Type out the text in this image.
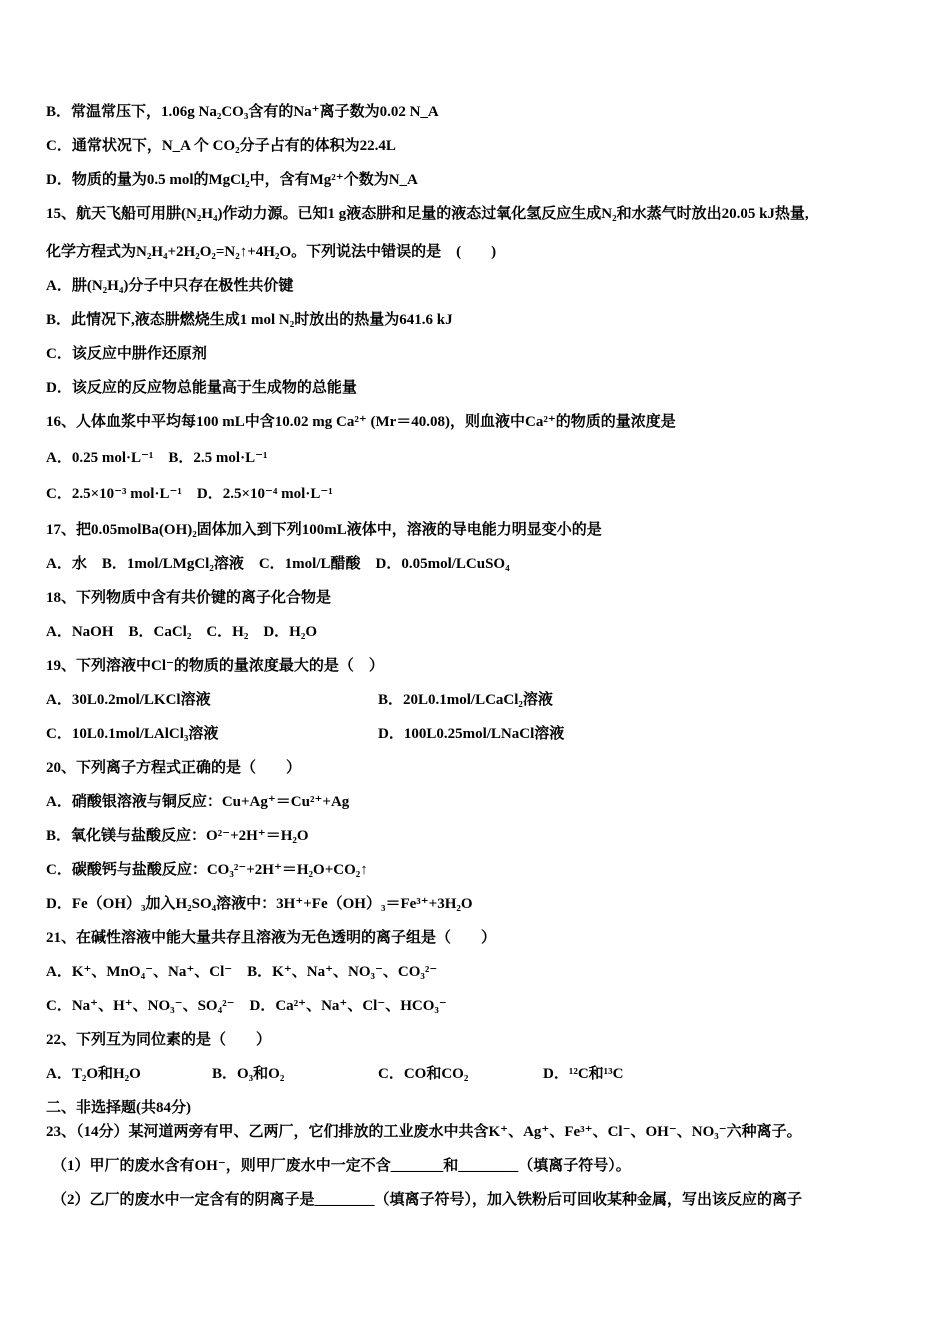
B．常温常压下，1.06g Na₂CO₃含有的Na⁺离子数为0.02 N_A
C．通常状况下，N_A 个 CO₂分子占有的体积为22.4L
D．物质的量为0.5 mol的MgCl₂中，含有Mg²⁺个数为N_A
15、航天飞船可用肼(N₂H₄)作动力源。已知1 g液态肼和足量的液态过氧化氢反应生成N₂和水蒸气时放出20.05 kJ热量,
化学方程式为N₂H₄+2H₂O₂=N₂↑+4H₂O。下列说法中错误的是　(　　)
A．肼(N₂H₄)分子中只存在极性共价键
B．此情况下,液态肼燃烧生成1 mol N₂时放出的热量为641.6 kJ
C．该反应中肼作还原剂
D．该反应的反应物总能量高于生成物的总能量
16、人体血浆中平均每100 mL中含10.02 mg Ca²⁺ (Mr＝40.08)，则血液中Ca²⁺的物质的量浓度是
A．0.25 mol·L⁻¹　B．2.5 mol·L⁻¹
C．2.5×10⁻³ mol·L⁻¹　D．2.5×10⁻⁴ mol·L⁻¹
17、把0.05molBa(OH)₂固体加入到下列100mL液体中，溶液的导电能力明显变小的是
A．水　B．1mol/LMgCl₂溶液　C．1mol/L醋酸　D．0.05mol/LCuSO₄
18、下列物质中含有共价键的离子化合物是
A．NaOH　B．CaCl₂　C．H₂　D．H₂O
19、下列溶液中Cl⁻的物质的量浓度最大的是（　）
A．30L0.2mol/LKCl溶液	B．20L0.1mol/LCaCl₂溶液
C．10L0.1mol/LAlCl₃溶液	D．100L0.25mol/LNaCl溶液
20、下列离子方程式正确的是（　　）
A．硝酸银溶液与铜反应：Cu+Ag⁺＝Cu²⁺+Ag
B．氧化镁与盐酸反应：O²⁻+2H⁺＝H₂O
C．碳酸钙与盐酸反应：CO₃²⁻+2H⁺＝H₂O+CO₂↑
D．Fe（OH）₃加入H₂SO₄溶液中：3H⁺+Fe（OH）₃＝Fe³⁺+3H₂O
21、在碱性溶液中能大量共存且溶液为无色透明的离子组是（　　）
A．K⁺、MnO₄⁻、Na⁺、Cl⁻　B．K⁺、Na⁺、NO₃⁻、CO₃²⁻
C．Na⁺、H⁺、NO₃⁻、SO₄²⁻　D．Ca²⁺、Na⁺、Cl⁻、HCO₃⁻
22、下列互为同位素的是（　　）
A．T₂O和H₂O	B．O₃和O₂	C．CO和CO₂	D．¹²C和¹³C
二、非选择题(共84分)
23、（14分）某河道两旁有甲、乙两厂，它们排放的工业废水中共含K⁺、Ag⁺、Fe³⁺、Cl⁻、OH⁻、NO₃⁻六种离子。
（1）甲厂的废水含有OH⁻，则甲厂废水中一定不含_______和________（填离子符号）。
（2）乙厂的废水中一定含有的阴离子是________（填离子符号），加入铁粉后可回收某种金属，写出该反应的离子
